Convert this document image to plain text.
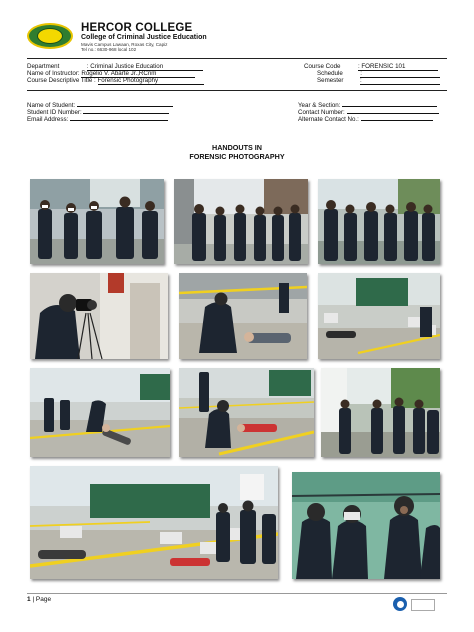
HERCOR COLLEGE
College of Criminal Justice Education
Mavis Campus Lawaan, Roxas City, Capiz
Tel no.: 6630-968 local 102
Department	: Criminal Justice Education
Name of Instructor: Rogelio V. Abarte Jr.,RCrim
Course Descriptive Title : Forensic Photography
Course Code	: FORENSIC 101
Schedule	:
Semester	:
Name of Student:
Student ID Number:
Email Address:
Year & Section:
Contact Number:
Alternate Contact No.:
HANDOUTS IN
FORENSIC PHOTOGRAPHY
1 | Page
